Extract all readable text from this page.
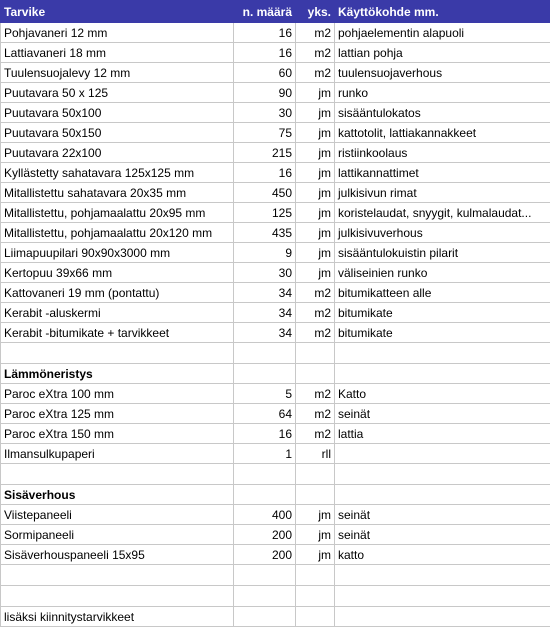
Tarvike	n. määrä	yks.	Käyttökohde mm.
Pohjavaneri 12 mm	16	m2	pohjaelementin alapuoli
Lattiavaneri 18 mm	16	m2	lattian pohja
Tuulensuojalevy 12 mm	60	m2	tuulensuojaverhous
Puutavara 50 x 125	90	jm	runko
Puutavara 50x100	30	jm	sisääntulokatos
Puutavara 50x150	75	jm	kattotolit, lattiakannakkeet
Puutavara 22x100	215	jm	ristiinkoolaus
Kyllästetty sahatavara 125x125 mm	16	jm	lattikannattimet
Mitallistettu sahatavara 20x35 mm	450	jm	julkisivun rimat
Mitallistettu, pohjamaalattu 20x95 mm	125	jm	koristelaudat, snyygit, kulmalaudat...
Mitallistettu, pohjamaalattu 20x120 mm	435	jm	julkisivuverhous
Liimapuupilari 90x90x3000 mm	9	jm	sisääntulokuistin pilarit
Kertopuu 39x66 mm	30	jm	väliseinien runko
Kattovaneri 19 mm (pontattu)	34	m2	bitumikatteen alle
Kerabit -aluskermi	34	m2	bitumikate
Kerabit -bitumikate + tarvikkeet	34	m2	bitumikate

Lämmöneristys			
Paroc eXtra 100 mm	5	m2	Katto
Paroc eXtra 125 mm	64	m2	seinät
Paroc eXtra 150 mm	16	m2	lattia
Ilmansulkupaperi	1	rll	

Sisäverhous			
Viistepaneeli	400	jm	seinät
Sormipaneeli	200	jm	seinät
Sisäverhouspaneeli 15x95	200	jm	katto

lisäksi kiinnitystarvikkeet			
